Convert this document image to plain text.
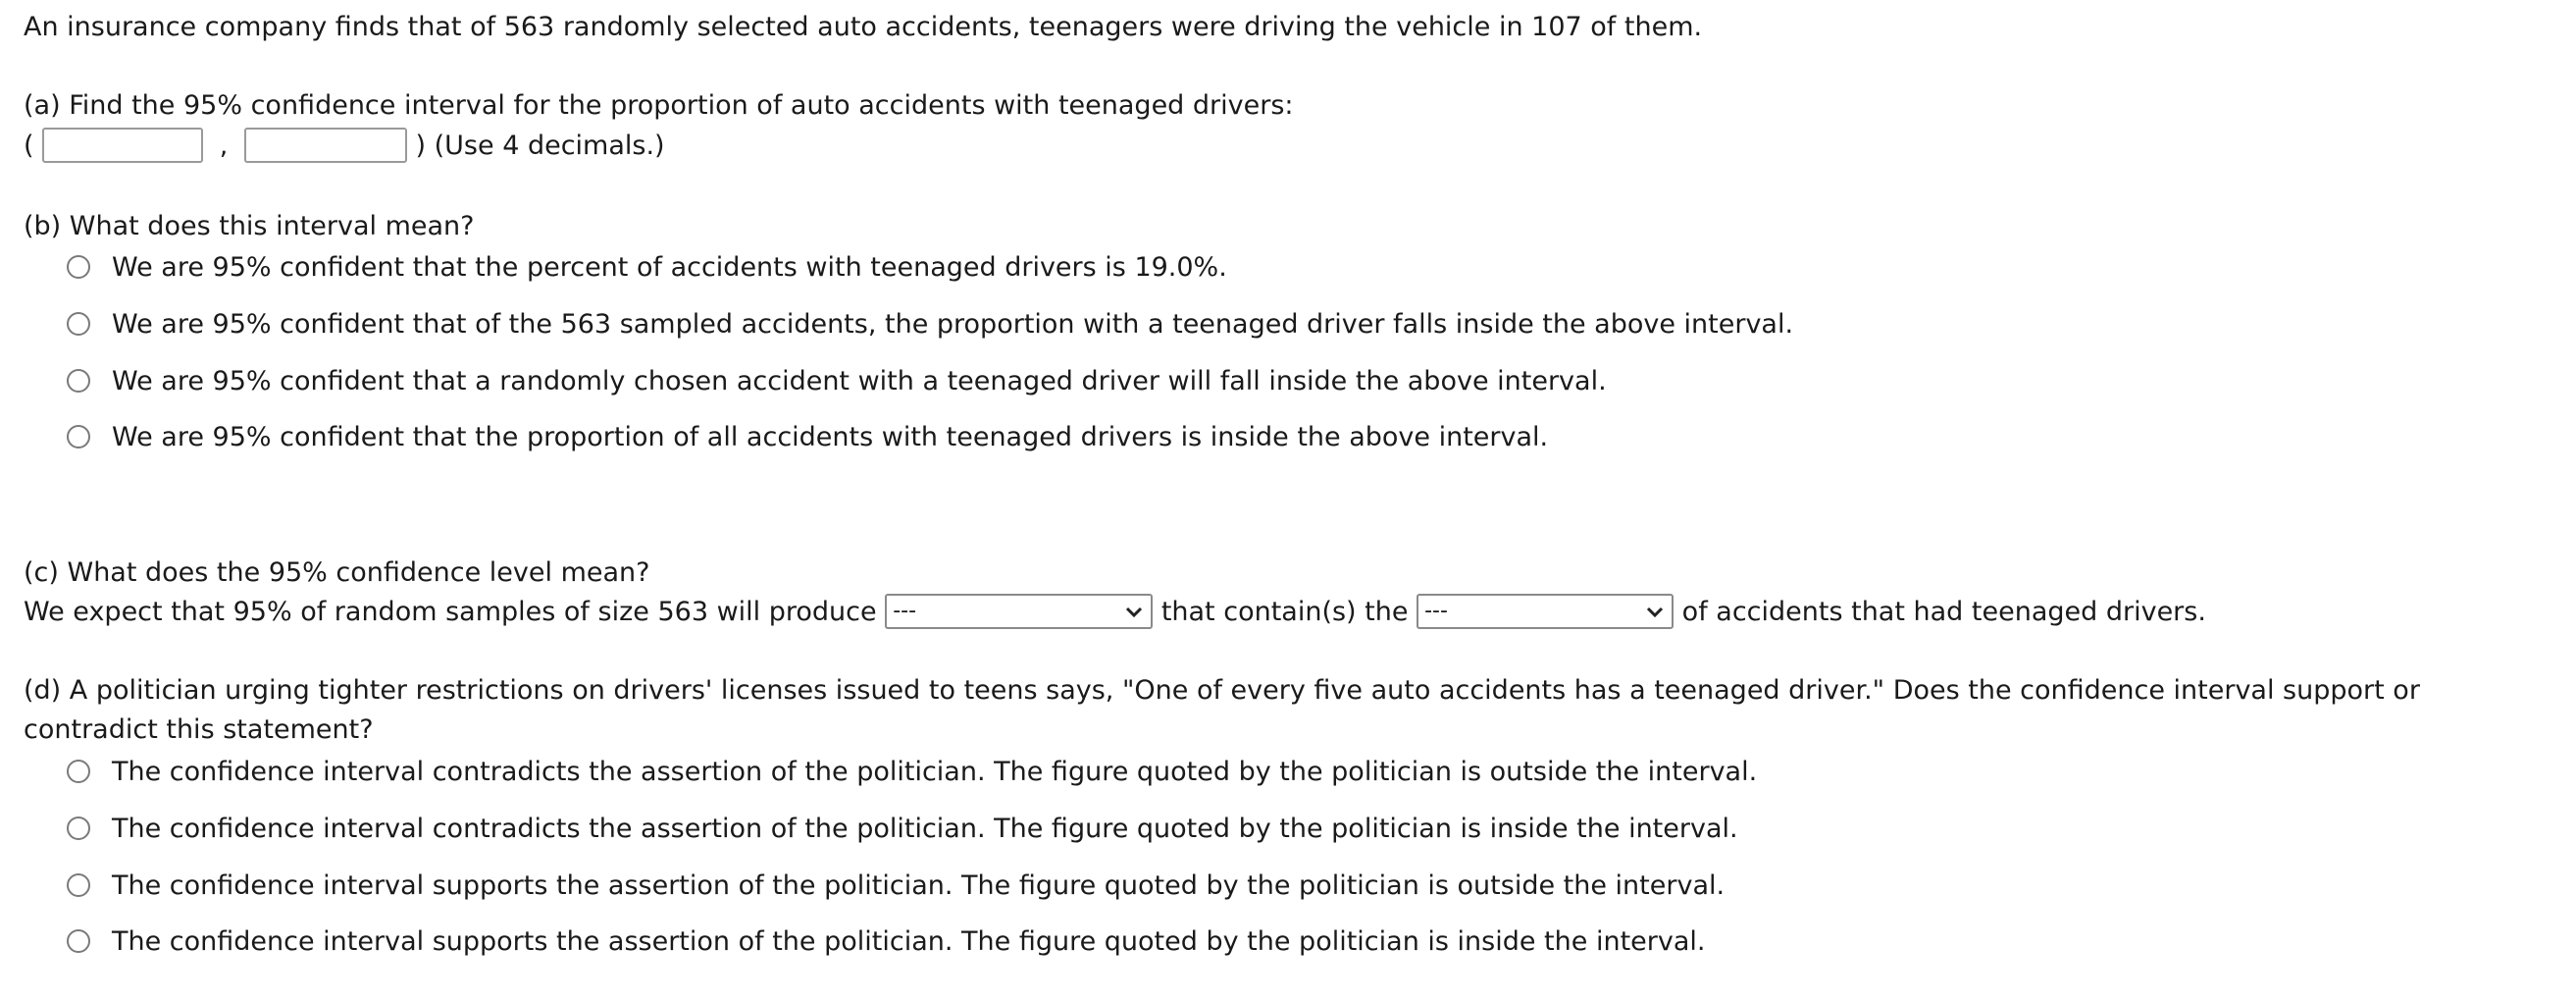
An insurance company finds that of 563 randomly selected auto accidents, teenagers were driving the vehicle in 107 of them.
(a) Find the 95% confidence interval for the proportion of auto accidents with teenaged drivers:
(	,	) (Use 4 decimals.)
(b) What does this interval mean?
We are 95% confident that the percent of accidents with teenaged drivers is 19.0%.
We are 95% confident that of the 563 sampled accidents, the proportion with a teenaged driver falls inside the above interval.
We are 95% confident that a randomly chosen accident with a teenaged driver will fall inside the above interval.
We are 95% confident that the proportion of all accidents with teenaged drivers is inside the above interval.
(c) What does the 95% confidence level mean?
We expect that 95% of random samples of size 563 will produce ---	that contain(s) the ---	of accidents that had teenaged drivers.
(d) A politician urging tighter restrictions on drivers' licenses issued to teens says, "One of every five auto accidents has a teenaged driver." Does the confidence interval support or contradict this statement?
The confidence interval contradicts the assertion of the politician. The figure quoted by the politician is outside the interval.
The confidence interval contradicts the assertion of the politician. The figure quoted by the politician is inside the interval.
The confidence interval supports the assertion of the politician. The figure quoted by the politician is outside the interval.
The confidence interval supports the assertion of the politician. The figure quoted by the politician is inside the interval.
